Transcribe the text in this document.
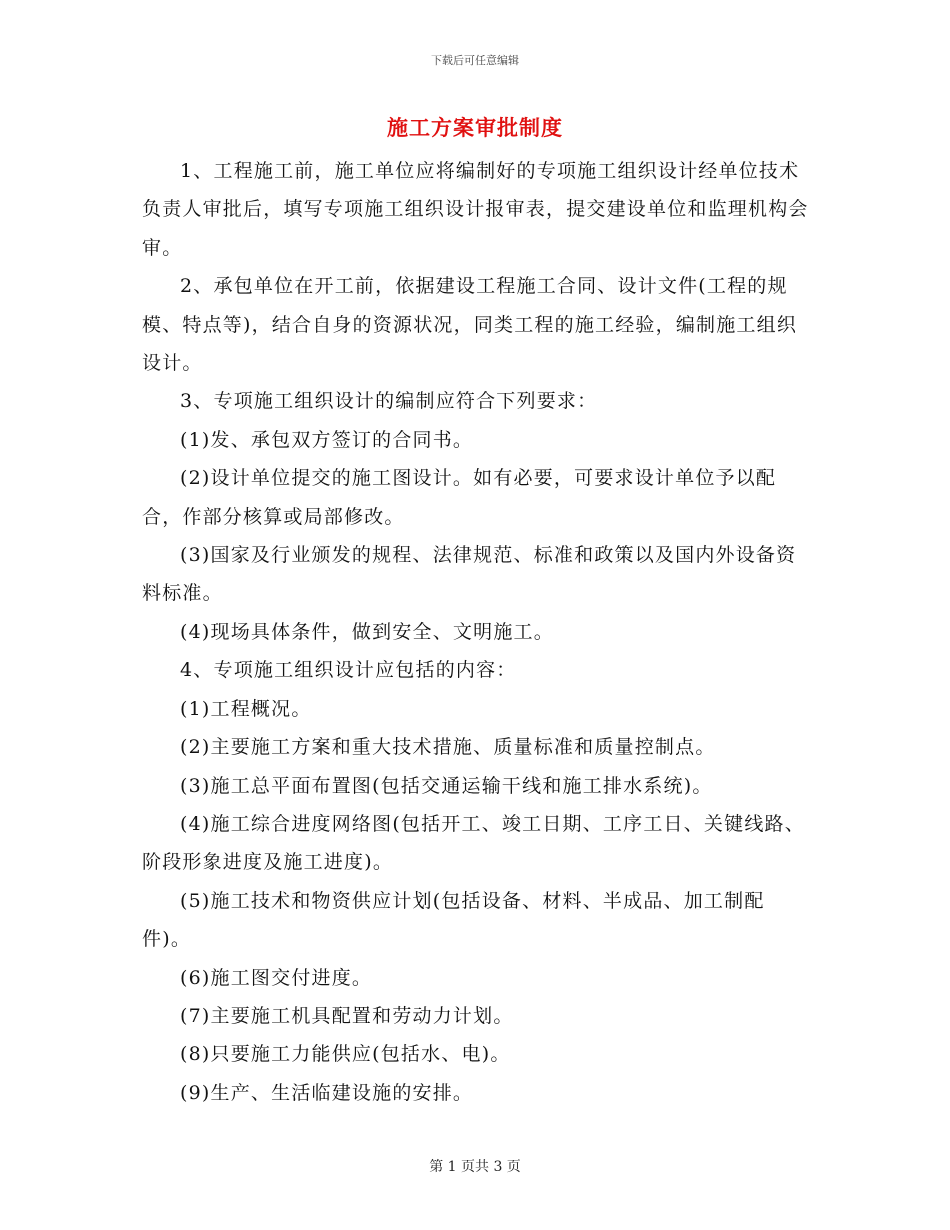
下载后可任意编辑
施工方案审批制度

1、工程施工前，施工单位应将编制好的专项施工组织设计经单位技术负责人审批后，填写专项施工组织设计报审表，提交建设单位和监理机构会审。

2、承包单位在开工前，依据建设工程施工合同、设计文件(工程的规模、特点等)，结合自身的资源状况，同类工程的施工经验，编制施工组织设计。

3、专项施工组织设计的编制应符合下列要求：

(1)发、承包双方签订的合同书。

(2)设计单位提交的施工图设计。如有必要，可要求设计单位予以配合，作部分核算或局部修改。

(3)国家及行业颁发的规程、法律规范、标准和政策以及国内外设备资料标准。

(4)现场具体条件，做到安全、文明施工。

4、专项施工组织设计应包括的内容：

(1)工程概况。

(2)主要施工方案和重大技术措施、质量标准和质量控制点。

(3)施工总平面布置图(包括交通运输干线和施工排水系统)。

(4)施工综合进度网络图(包括开工、竣工日期、工序工日、关键线路、阶段形象进度及施工进度)。

(5)施工技术和物资供应计划(包括设备、材料、半成品、加工制配件)。

(6)施工图交付进度。

(7)主要施工机具配置和劳动力计划。

(8)只要施工力能供应(包括水、电)。

(9)生产、生活临建设施的安排。

第 1 页共 3 页
